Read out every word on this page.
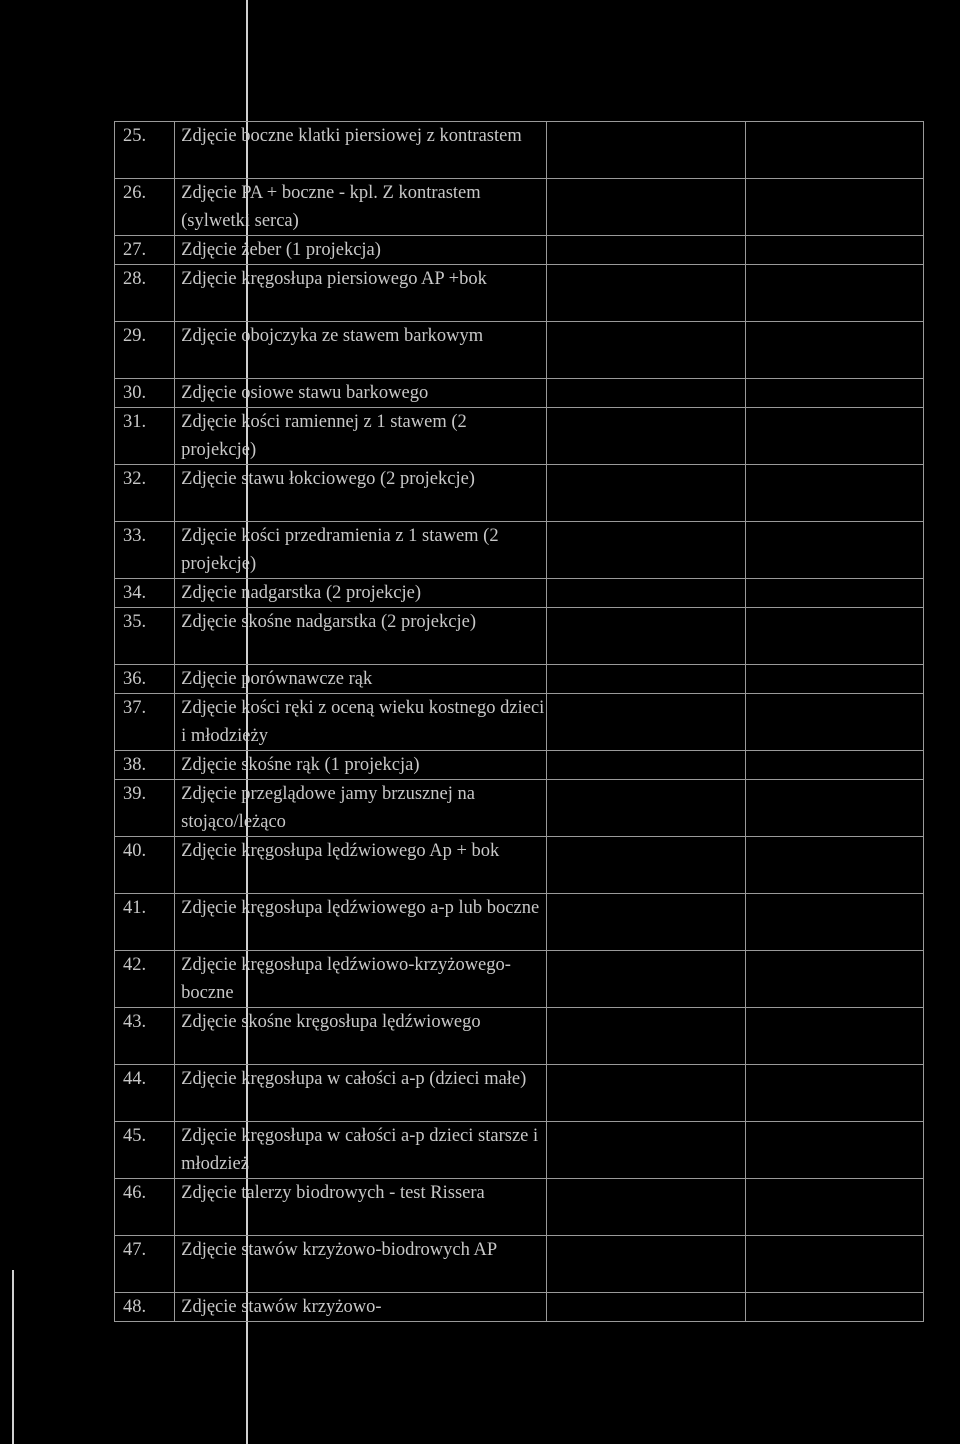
25.	Zdjęcie boczne klatki piersiowej z kontrastem		
26.	Zdjęcie PA + boczne - kpl. Z kontrastem (sylwetki serca)		
27.	Zdjęcie żeber (1 projekcja)		
28.	Zdjęcie kręgosłupa piersiowego AP +bok		
29.	Zdjęcie obojczyka ze stawem barkowym		
30.	Zdjęcie osiowe stawu barkowego		
31.	Zdjęcie kości ramiennej z 1 stawem (2 projekcje)		
32.	Zdjęcie stawu łokciowego (2 projekcje)		
33.	Zdjęcie kości przedramienia z 1 stawem (2 projekcje)		
34.	Zdjęcie nadgarstka (2 projekcje)		
35.	Zdjęcie skośne nadgarstka (2 projekcje)		
36.	Zdjęcie porównawcze rąk		
37.	Zdjęcie kości ręki z oceną wieku kostnego dzieci i młodzieży		
38.	Zdjęcie skośne rąk (1 projekcja)		
39.	Zdjęcie przeglądowe jamy brzusznej na stojąco/leżąco		
40.	Zdjęcie kręgosłupa lędźwiowego Ap + bok		
41.	Zdjęcie kręgosłupa lędźwiowego a-p lub boczne		
42.	Zdjęcie kręgosłupa lędźwiowo-krzyżowego-boczne		
43.	Zdjęcie skośne kręgosłupa lędźwiowego		
44.	Zdjęcie kręgosłupa w całości a-p (dzieci małe)		
45.	Zdjęcie kręgosłupa w całości a-p dzieci starsze i młodzież		
46.	Zdjęcie talerzy biodrowych - test Rissera		
47.	Zdjęcie stawów krzyżowo-biodrowych AP		
48.	Zdjęcie stawów krzyżowo-		
